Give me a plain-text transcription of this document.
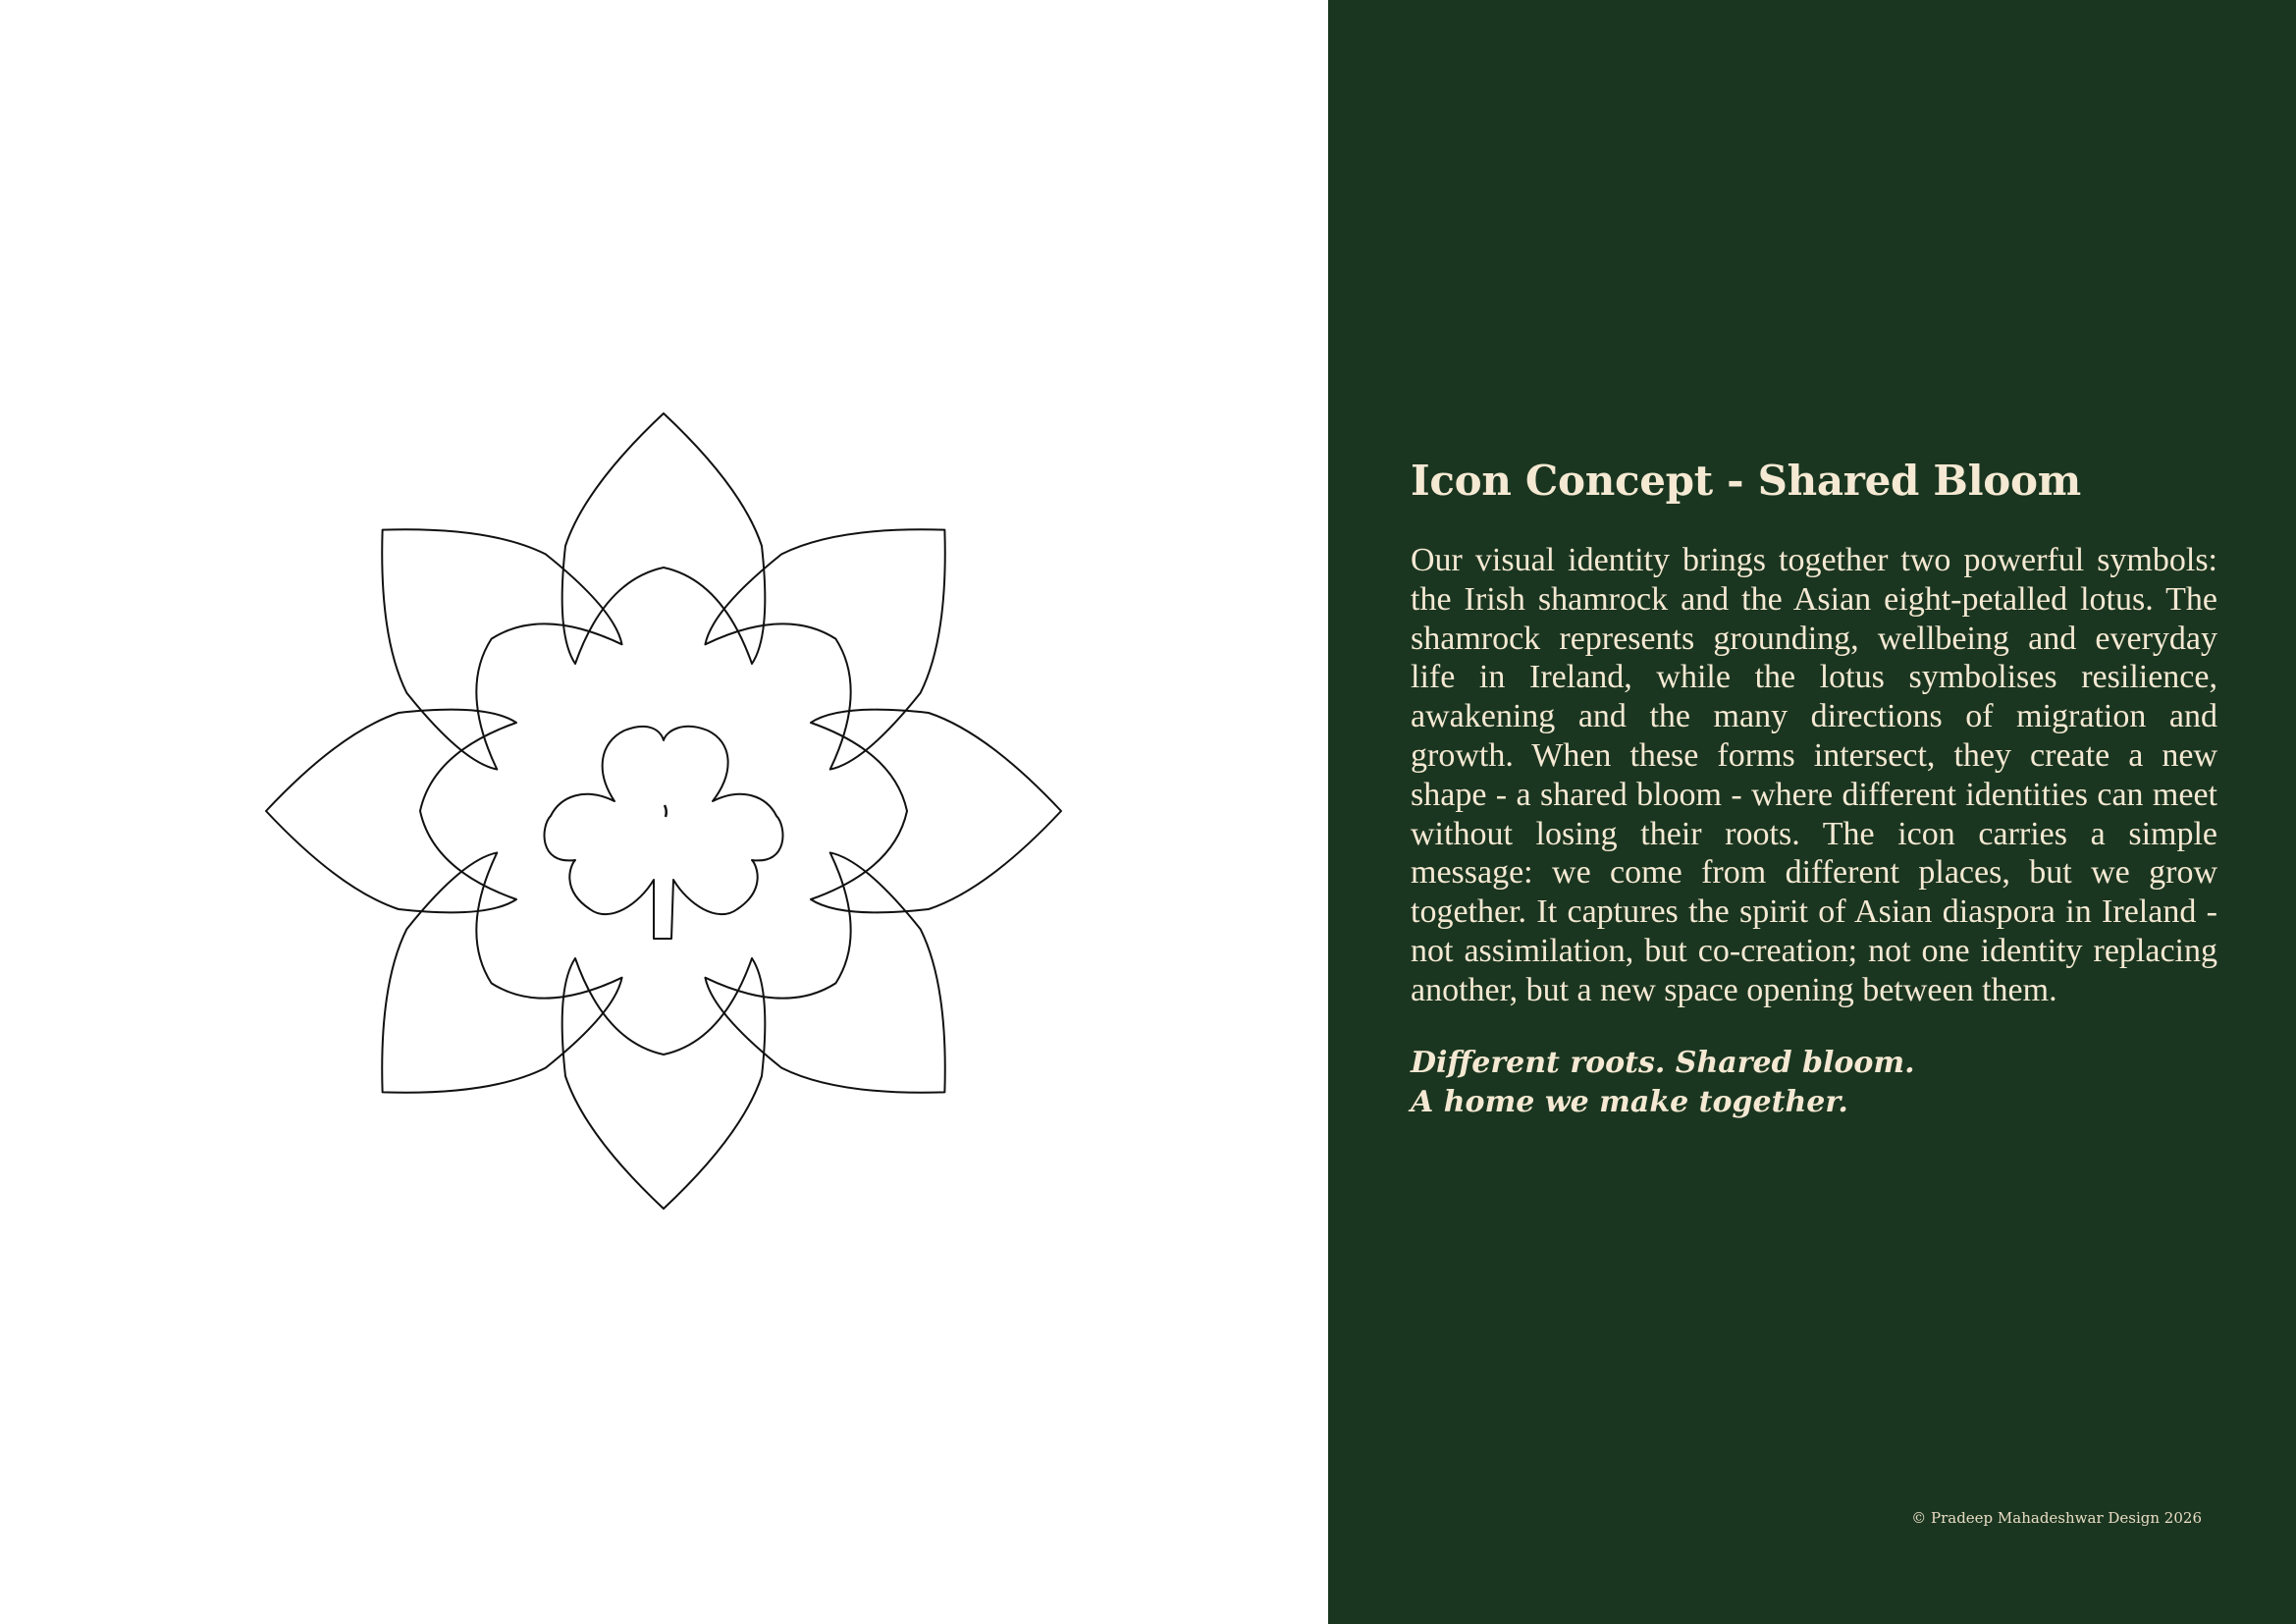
Icon Concept - Shared Bloom

Our visual identity brings together two powerful symbols: the Irish shamrock and the Asian eight-petalled lotus. The shamrock represents grounding, wellbeing and everyday life in Ireland, while the lotus symbolises resilience, awakening and the many directions of migration and growth. When these forms intersect, they create a new shape - a shared bloom - where different identities can meet without losing their roots. The icon carries a simple message: we come from different places, but we grow together. It captures the spirit of Asian diaspora in Ireland - not assimilation, but co-creation; not one identity replacing another, but a new space opening between them.

Different roots. Shared bloom.
A home we make together.

© Pradeep Mahadeshwar Design 2026
